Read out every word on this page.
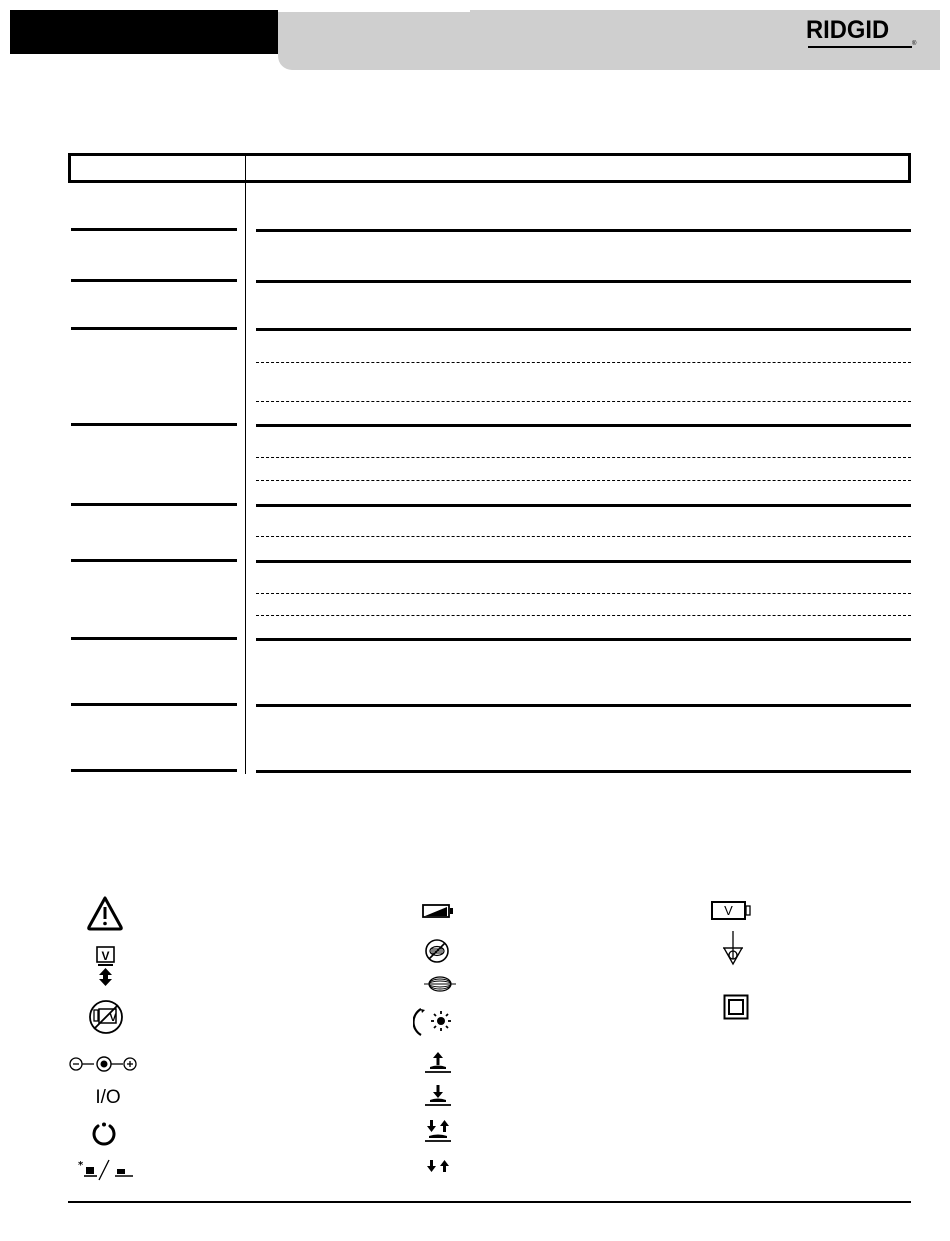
RIDGID	®
V
V
I/O
*
V
